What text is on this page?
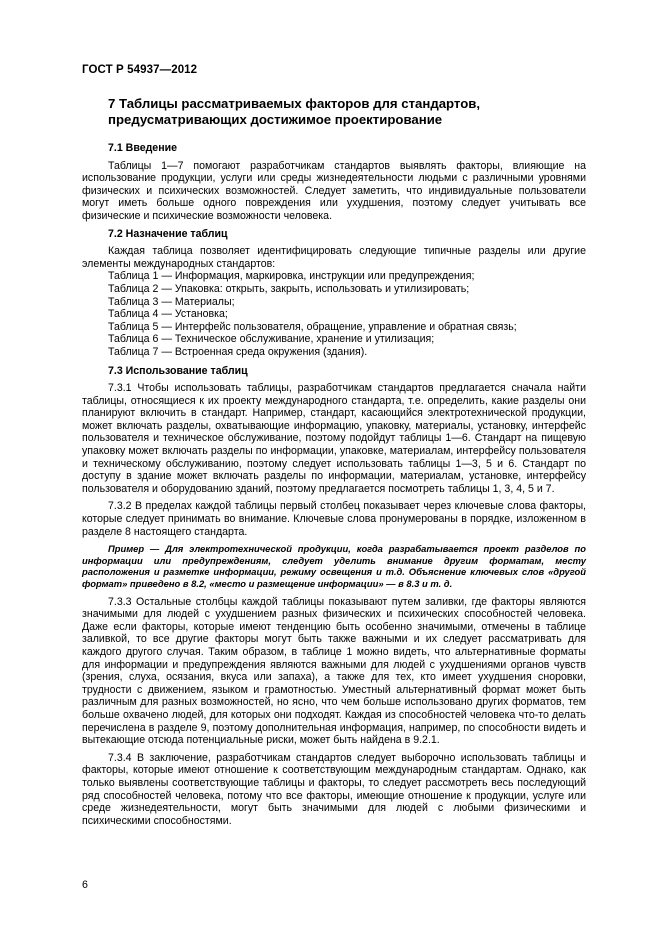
ГОСТ Р 54937—2012
7 Таблицы рассматриваемых факторов для стандартов,
предусматривающих достижимое проектирование
7.1 Введение

Таблицы 1—7 помогают разработчикам стандартов выявлять факторы, влияющие на использование продукции, услуги или среды жизнедеятельности людьми с различными уровнями физических и психических возможностей. Следует заметить, что индивидуальные пользователи могут иметь больше одного повреждения или ухудшения, поэтому следует учитывать все физические и психические возможности человека.

7.2 Назначение таблиц

Каждая таблица позволяет идентифицировать следующие типичные разделы или другие элементы международных стандартов:

Таблица 1 — Информация, маркировка, инструкции или предупреждения;
Таблица 2 — Упаковка: открыть, закрыть, использовать и утилизировать;
Таблица 3 — Материалы;
Таблица 4 — Установка;
Таблица 5 — Интерфейс пользователя, обращение, управление и обратная связь;
Таблица 6 — Техническое обслуживание, хранение и утилизация;
Таблица 7 — Встроенная среда окружения (здания).
7.3 Использование таблиц

7.3.1 Чтобы использовать таблицы, разработчикам стандартов предлагается сначала найти таблицы, относящиеся к их проекту международного стандарта, т.е. определить, какие разделы они планируют включить в стандарт. Например, стандарт, касающийся электротехнической продукции, может включать разделы, охватывающие информацию, упаковку, материалы, установку, интерфейс пользователя и техническое обслуживание, поэтому подойдут таблицы 1—6. Стандарт на пищевую упаковку может включать разделы по информации, упаковке, материалам, интерфейсу пользователя и техническому обслуживанию, поэтому следует использовать таблицы 1—3, 5 и 6. Стандарт по доступу в здание может включать разделы по информации, материалам, установке, интерфейсу пользователя и оборудованию зданий, поэтому предлагается посмотреть таблицы 1, 3, 4, 5 и 7.

7.3.2 В пределах каждой таблицы первый столбец показывает через ключевые слова факторы, которые следует принимать во внимание. Ключевые слова пронумерованы в порядке, изложенном в разделе 8 настоящего стандарта.

Пример — Для электротехнической продукции, когда разрабатывается проект разделов по информации или предупреждениям, следует уделить внимание другим форматам, месту расположения и разметке информации, режиму освещения и т.д. Объяснение ключевых слов «другой формат» приведено в 8.2, «место и размещение информации» — в 8.3 и т. д.

7.3.3 Остальные столбцы каждой таблицы показывают путем заливки, где факторы являются значимыми для людей с ухудшением разных физических и психических способностей человека. Даже если факторы, которые имеют тенденцию быть особенно значимыми, отмечены в таблице заливкой, то все другие факторы могут быть также важными и их следует рассматривать для каждого другого случая. Таким образом, в таблице 1 можно видеть, что альтернативные форматы для информации и предупреждения являются важными для людей с ухудшениями органов чувств (зрения, слуха, осязания, вкуса или запаха), а также для тех, кто имеет ухудшения сноровки, трудности с движением, языком и грамотностью. Уместный альтернативный формат может быть различным для разных возможностей, но ясно, что чем больше использовано других форматов, тем больше охвачено людей, для которых они подходят. Каждая из способностей человека что-то делать перечислена в разделе 9, поэтому дополнительная информация, например, по способности видеть и вытекающие отсюда потенциальные риски, может быть найдена в 9.2.1.

7.3.4 В заключение, разработчикам стандартов следует выборочно использовать таблицы и факторы, которые имеют отношение к соответствующим международным стандартам. Однако, как только выявлены соответствующие таблицы и факторы, то следует рассмотреть весь последующий ряд способностей человека, потому что все факторы, имеющие отношение к продукции, услуге или среде жизнедеятельности, могут быть значимыми для людей с любыми физическими и психическими способностями.

6
